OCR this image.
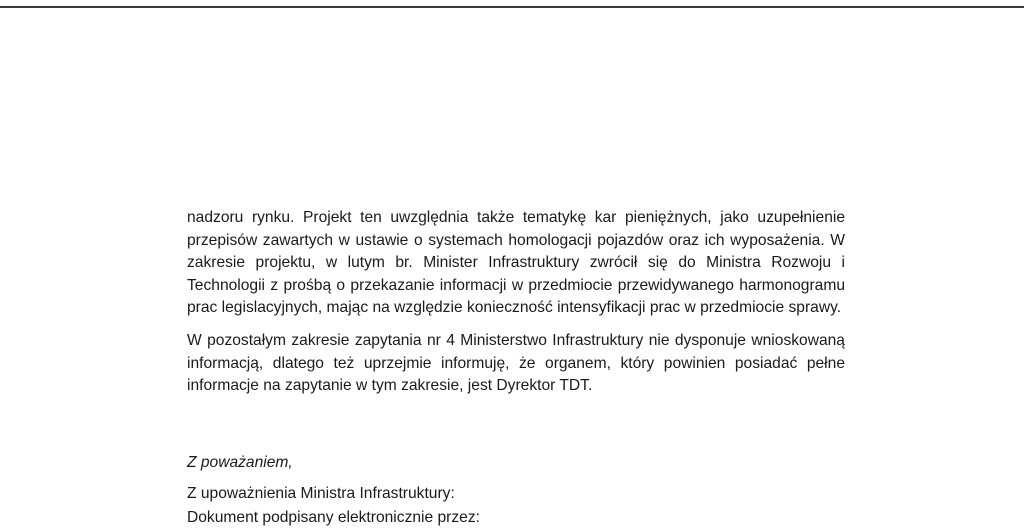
nadzoru rynku. Projekt ten uwzględnia także tematykę kar pieniężnych, jako uzupełnienie przepisów zawartych w ustawie o systemach homologacji pojazdów oraz ich wyposażenia. W zakresie projektu, w lutym br. Minister Infrastruktury zwrócił się do Ministra Rozwoju i Technologii z prośbą o przekazanie informacji w przedmiocie przewidywanego harmonogramu prac legislacyjnych, mając na względzie konieczność intensyfikacji prac w przedmiocie sprawy.

W pozostałym zakresie zapytania nr 4 Ministerstwo Infrastruktury nie dysponuje wnioskowaną informacją, dlatego też uprzejmie informuję, że organem, który powinien posiadać pełne informacje na zapytanie w tym zakresie, jest Dyrektor TDT.

Z poważaniem,

Z upoważnienia Ministra Infrastruktury:
Dokument podpisany elektronicznie przez:
